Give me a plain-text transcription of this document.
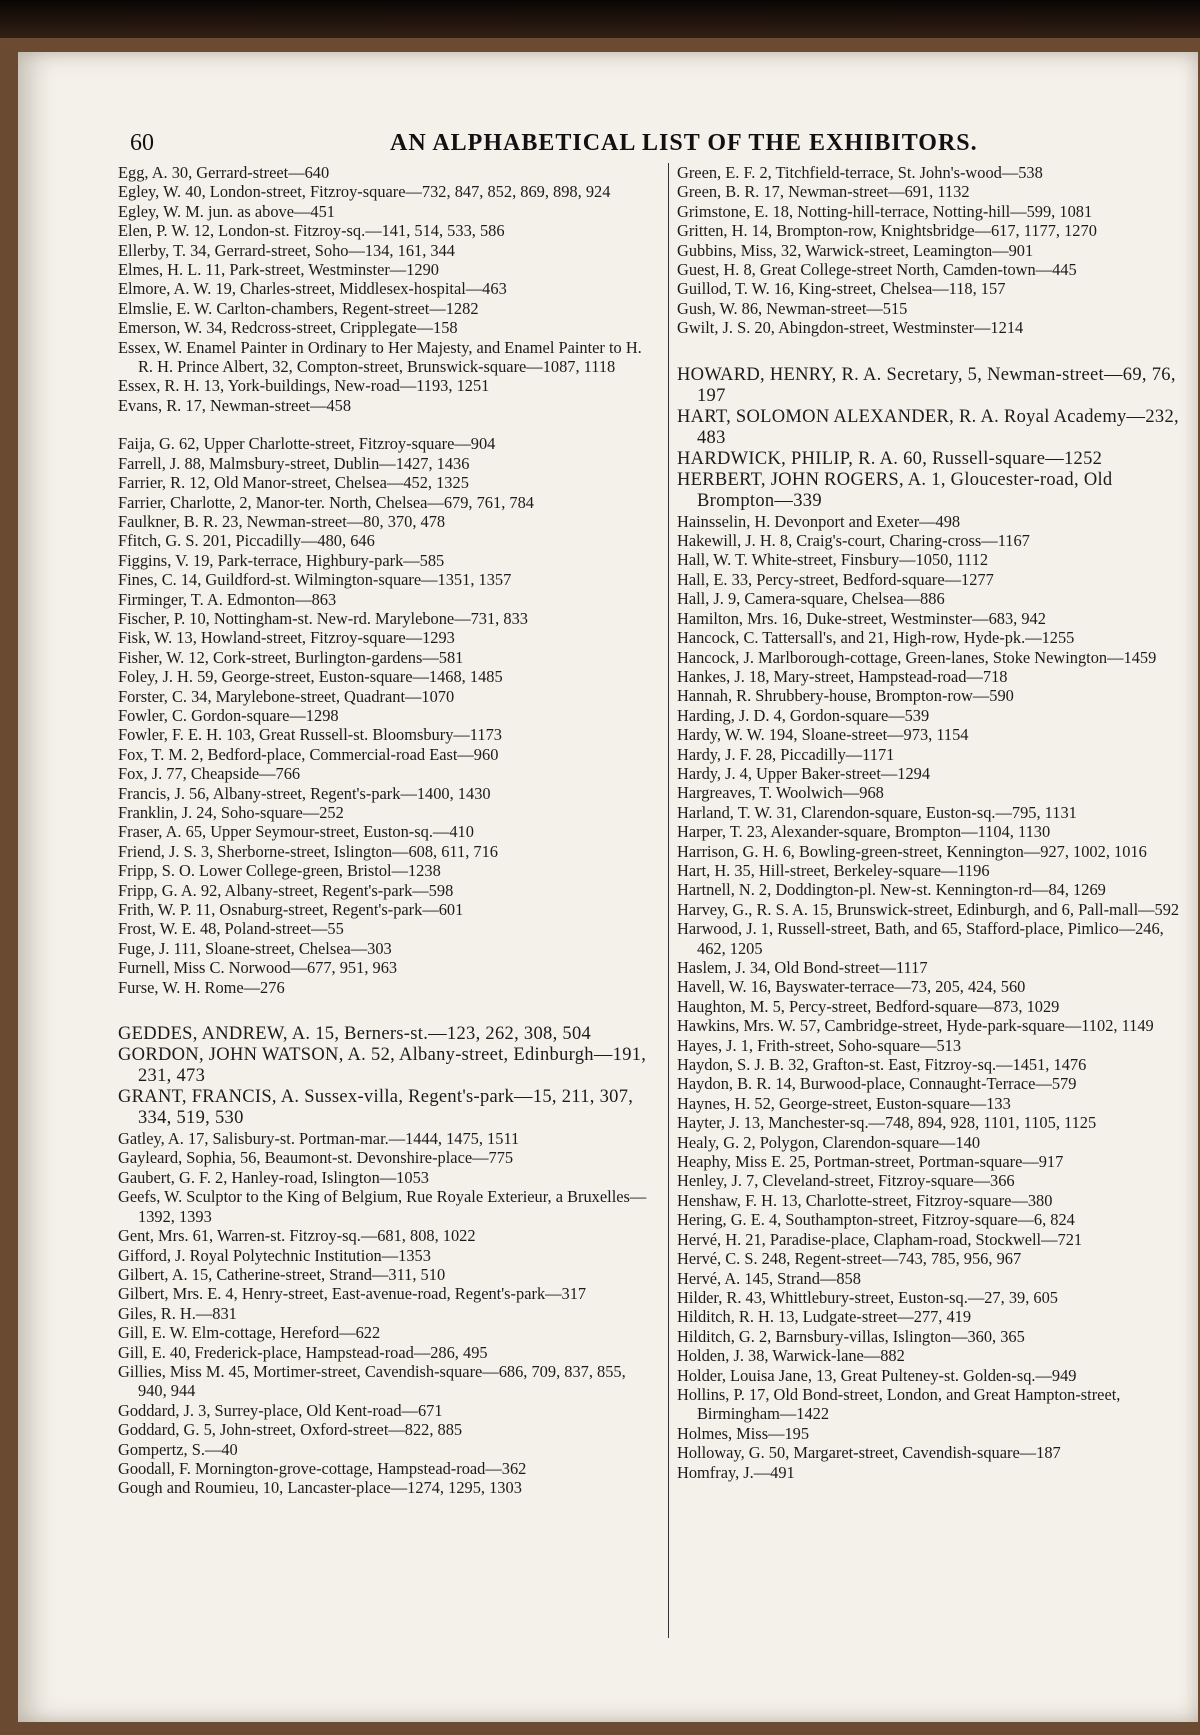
60	AN ALPHABETICAL LIST OF THE EXHIBITORS.

Egg, A. 30, Gerrard-street—640

Egley, W. 40, London-street, Fitzroy-square—732, 847, 852, 869, 898, 924

Egley, W. M. jun. as above—451

Elen, P. W. 12, London-st. Fitzroy-sq.—141, 514, 533, 586

Ellerby, T. 34, Gerrard-street, Soho—134, 161, 344

Elmes, H. L. 11, Park-street, Westminster—1290

Elmore, A. W. 19, Charles-street, Middlesex-hospital—463

Elmslie, E. W. Carlton-chambers, Regent-street—1282

Emerson, W. 34, Redcross-street, Cripplegate—158

Essex, W. Enamel Painter in Ordinary to Her Majesty, and Enamel Painter to H. R. H. Prince Albert, 32, Compton-street, Brunswick-square—1087, 1118

Essex, R. H. 13, York-buildings, New-road—1193, 1251

Evans, R. 17, Newman-street—458

Faija, G. 62, Upper Charlotte-street, Fitzroy-square—904

Farrell, J. 88, Malmsbury-street, Dublin—1427, 1436

Farrier, R. 12, Old Manor-street, Chelsea—452, 1325

Farrier, Charlotte, 2, Manor-ter. North, Chelsea—679, 761, 784

Faulkner, B. R. 23, Newman-street—80, 370, 478

Ffitch, G. S. 201, Piccadilly—480, 646

Figgins, V. 19, Park-terrace, Highbury-park—585

Fines, C. 14, Guildford-st. Wilmington-square—1351, 1357

Firminger, T. A. Edmonton—863

Fischer, P. 10, Nottingham-st. New-rd. Marylebone—731, 833

Fisk, W. 13, Howland-street, Fitzroy-square—1293

Fisher, W. 12, Cork-street, Burlington-gardens—581

Foley, J. H. 59, George-street, Euston-square—1468, 1485

Forster, C. 34, Marylebone-street, Quadrant—1070

Fowler, C. Gordon-square—1298

Fowler, F. E. H. 103, Great Russell-st. Bloomsbury—1173

Fox, T. M. 2, Bedford-place, Commercial-road East—960

Fox, J. 77, Cheapside—766

Francis, J. 56, Albany-street, Regent's-park—1400, 1430

Franklin, J. 24, Soho-square—252

Fraser, A. 65, Upper Seymour-street, Euston-sq.—410

Friend, J. S. 3, Sherborne-street, Islington—608, 611, 716

Fripp, S. O. Lower College-green, Bristol—1238

Fripp, G. A. 92, Albany-street, Regent's-park—598

Frith, W. P. 11, Osnaburg-street, Regent's-park—601

Frost, W. E. 48, Poland-street—55

Fuge, J. 111, Sloane-street, Chelsea—303

Furnell, Miss C. Norwood—677, 951, 963

Furse, W. H. Rome—276

GEDDES, ANDREW, A. 15, Berners-st.—123, 262, 308, 504

GORDON, JOHN WATSON, A. 52, Albany-street, Edinburgh—191, 231, 473

GRANT, FRANCIS, A. Sussex-villa, Regent's-park—15, 211, 307, 334, 519, 530

Gatley, A. 17, Salisbury-st. Portman-mar.—1444, 1475, 1511

Gayleard, Sophia, 56, Beaumont-st. Devonshire-place—775

Gaubert, G. F. 2, Hanley-road, Islington—1053

Geefs, W. Sculptor to the King of Belgium, Rue Royale Exterieur, a Bruxelles—1392, 1393

Gent, Mrs. 61, Warren-st. Fitzroy-sq.—681, 808, 1022

Gifford, J. Royal Polytechnic Institution—1353

Gilbert, A. 15, Catherine-street, Strand—311, 510

Gilbert, Mrs. E. 4, Henry-street, East-avenue-road, Regent's-park—317

Giles, R. H.—831

Gill, E. W. Elm-cottage, Hereford—622

Gill, E. 40, Frederick-place, Hampstead-road—286, 495

Gillies, Miss M. 45, Mortimer-street, Cavendish-square—686, 709, 837, 855, 940, 944

Goddard, J. 3, Surrey-place, Old Kent-road—671

Goddard, G. 5, John-street, Oxford-street—822, 885

Gompertz, S.—40

Goodall, F. Mornington-grove-cottage, Hampstead-road—362

Gough and Roumieu, 10, Lancaster-place—1274, 1295, 1303

Green, E. F. 2, Titchfield-terrace, St. John's-wood—538

Green, B. R. 17, Newman-street—691, 1132

Grimstone, E. 18, Notting-hill-terrace, Notting-hill—599, 1081

Gritten, H. 14, Brompton-row, Knightsbridge—617, 1177, 1270

Gubbins, Miss, 32, Warwick-street, Leamington—901

Guest, H. 8, Great College-street North, Camden-town—445

Guillod, T. W. 16, King-street, Chelsea—118, 157

Gush, W. 86, Newman-street—515

Gwilt, J. S. 20, Abingdon-street, Westminster—1214

HOWARD, HENRY, R. A. Secretary, 5, Newman-street—69, 76, 197

HART, SOLOMON ALEXANDER, R. A. Royal Academy—232, 483

HARDWICK, PHILIP, R. A. 60, Russell-square—1252

HERBERT, JOHN ROGERS, A. 1, Gloucester-road, Old Brompton—339

Hainsselin, H. Devonport and Exeter—498

Hakewill, J. H. 8, Craig's-court, Charing-cross—1167

Hall, W. T. White-street, Finsbury—1050, 1112

Hall, E. 33, Percy-street, Bedford-square—1277

Hall, J. 9, Camera-square, Chelsea—886

Hamilton, Mrs. 16, Duke-street, Westminster—683, 942

Hancock, C. Tattersall's, and 21, High-row, Hyde-pk.—1255

Hancock, J. Marlborough-cottage, Green-lanes, Stoke Newington—1459

Hankes, J. 18, Mary-street, Hampstead-road—718

Hannah, R. Shrubbery-house, Brompton-row—590

Harding, J. D. 4, Gordon-square—539

Hardy, W. W. 194, Sloane-street—973, 1154

Hardy, J. F. 28, Piccadilly—1171

Hardy, J. 4, Upper Baker-street—1294

Hargreaves, T. Woolwich—968

Harland, T. W. 31, Clarendon-square, Euston-sq.—795, 1131

Harper, T. 23, Alexander-square, Brompton—1104, 1130

Harrison, G. H. 6, Bowling-green-street, Kennington—927, 1002, 1016

Hart, H. 35, Hill-street, Berkeley-square—1196

Hartnell, N. 2, Doddington-pl. New-st. Kennington-rd—84, 1269

Harvey, G., R. S. A. 15, Brunswick-street, Edinburgh, and 6, Pall-mall—592

Harwood, J. 1, Russell-street, Bath, and 65, Stafford-place, Pimlico—246, 462, 1205

Haslem, J. 34, Old Bond-street—1117

Havell, W. 16, Bayswater-terrace—73, 205, 424, 560

Haughton, M. 5, Percy-street, Bedford-square—873, 1029

Hawkins, Mrs. W. 57, Cambridge-street, Hyde-park-square—1102, 1149

Hayes, J. 1, Frith-street, Soho-square—513

Haydon, S. J. B. 32, Grafton-st. East, Fitzroy-sq.—1451, 1476

Haydon, B. R. 14, Burwood-place, Connaught-Terrace—579

Haynes, H. 52, George-street, Euston-square—133

Hayter, J. 13, Manchester-sq.—748, 894, 928, 1101, 1105, 1125

Healy, G. 2, Polygon, Clarendon-square—140

Heaphy, Miss E. 25, Portman-street, Portman-square—917

Henley, J. 7, Cleveland-street, Fitzroy-square—366

Henshaw, F. H. 13, Charlotte-street, Fitzroy-square—380

Hering, G. E. 4, Southampton-street, Fitzroy-square—6, 824

Hervé, H. 21, Paradise-place, Clapham-road, Stockwell—721

Hervé, C. S. 248, Regent-street—743, 785, 956, 967

Hervé, A. 145, Strand—858

Hilder, R. 43, Whittlebury-street, Euston-sq.—27, 39, 605

Hilditch, R. H. 13, Ludgate-street—277, 419

Hilditch, G. 2, Barnsbury-villas, Islington—360, 365

Holden, J. 38, Warwick-lane—882

Holder, Louisa Jane, 13, Great Pulteney-st. Golden-sq.—949

Hollins, P. 17, Old Bond-street, London, and Great Hampton-street, Birmingham—1422

Holmes, Miss—195

Holloway, G. 50, Margaret-street, Cavendish-square—187

Homfray, J.—491
